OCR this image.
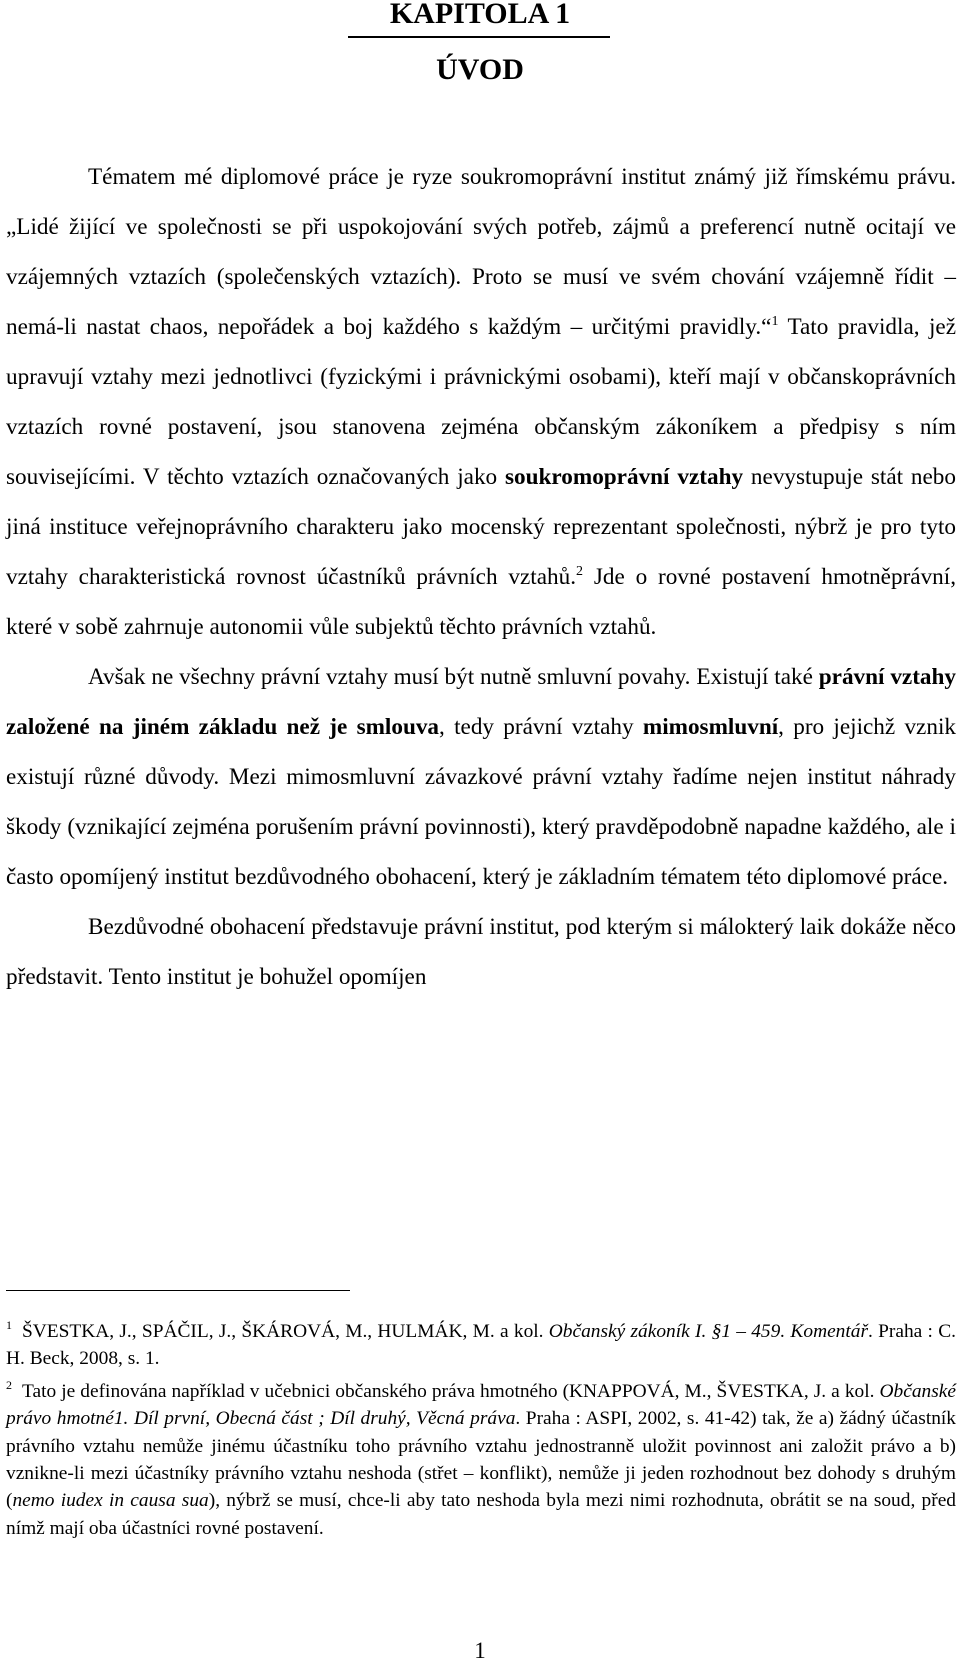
KAPITOLA 1
ÚVOD

Tématem mé diplomové práce je ryze soukromoprávní institut známý již římskému právu. „Lidé žijící ve společnosti se při uspokojování svých potřeb, zájmů a preferencí nutně ocitají ve vzájemných vztazích (společenských vztazích). Proto se musí ve svém chování vzájemně řídit – nemá-li nastat chaos, nepořádek a boj každého s každým – určitými pravidly.“$^1$ Tato pravidla, jež upravují vztahy mezi jednotlivci (fyzickými i právnickými osobami), kteří mají v občanskoprávních vztazích rovné postavení, jsou stanovena zejména občanským zákoníkem a předpisy s ním souvisejícími. V těchto vztazích označovaných jako soukromoprávní vztahy nevystupuje stát nebo jiná instituce veřejnoprávního charakteru jako mocenský reprezentant společnosti, nýbrž je pro tyto vztahy charakteristická rovnost účastníků právních vztahů.$^2$ Jde o rovné postavení hmotněprávní, které v sobě zahrnuje autonomii vůle subjektů těchto právních vztahů.

Avšak ne všechny právní vztahy musí být nutně smluvní povahy. Existují také právní vztahy založené na jiném základu než je smlouva, tedy právní vztahy mimosmluvní, pro jejichž vznik existují různé důvody. Mezi mimosmluvní závazkové právní vztahy řadíme nejen institut náhrady škody (vznikající zejména porušením právní povinnosti), který pravděpodobně napadne každého, ale i často opomíjený institut bezdůvodného obohacení, který je základním tématem této diplomové práce.

Bezdůvodné obohacení představuje právní institut, pod kterým si málokterý laik dokáže něco představit. Tento institut je bohužel opomíjen

$^1$ ŠVESTKA, J., SPÁČIL, J., ŠKÁROVÁ, M., HULMÁK, M. a kol. Občanský zákoník I. §1 – 459. Komentář. Praha : C. H. Beck, 2008, s. 1.

$^2$ Tato je definována například v učebnici občanského práva hmotného (KNAPPOVÁ, M., ŠVESTKA, J. a kol. Občanské právo hmotné1. Díl první, Obecná část ; Díl druhý, Věcná práva. Praha : ASPI, 2002, s. 41-42) tak, že a) žádný účastník právního vztahu nemůže jinému účastníku toho právního vztahu jednostranně uložit povinnost ani založit právo a b) vznikne-li mezi účastníky právního vztahu neshoda (střet – konflikt), nemůže ji jeden rozhodnout bez dohody s druhým (nemo iudex in causa sua), nýbrž se musí, chce-li aby tato neshoda byla mezi nimi rozhodnuta, obrátit se na soud, před nímž mají oba účastníci rovné postavení.

1
